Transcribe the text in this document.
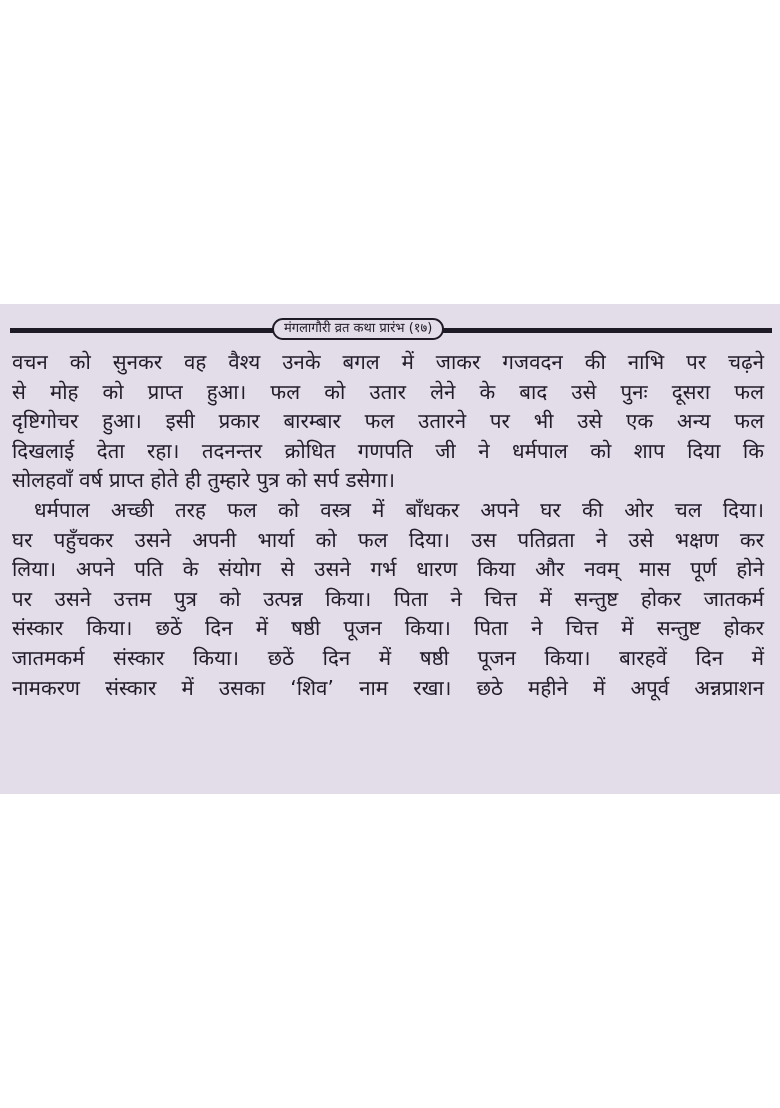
मंगलागौरी व्रत कथा प्रारंभ (१७)
वचन को सुनकर वह वैश्य उनके बगल में जाकर गजवदन की नाभि पर चढ़ने
से मोह को प्राप्त हुआ। फल को उतार लेने के बाद उसे पुनः दूसरा फल
दृष्टिगोचर हुआ। इसी प्रकार बारम्बार फल उतारने पर भी उसे एक अन्य फल
दिखलाई देता रहा। तदनन्तर क्रोधित गणपति जी ने धर्मपाल को शाप दिया कि
सोलहवाँ वर्ष प्राप्त होते ही तुम्हारे पुत्र को सर्प डसेगा।
धर्मपाल अच्छी तरह फल को वस्त्र में बाँधकर अपने घर की ओर चल दिया।
घर पहुँचकर उसने अपनी भार्या को फल दिया। उस पतिव्रता ने उसे भक्षण कर
लिया। अपने पति के संयोग से उसने गर्भ धारण किया और नवम् मास पूर्ण होने
पर उसने उत्तम पुत्र को उत्पन्न किया। पिता ने चित्त में सन्तुष्ट होकर जातकर्म
संस्कार किया। छठें दिन में षष्ठी पूजन किया। पिता ने चित्त में सन्तुष्ट होकर
जातमकर्म संस्कार किया। छठें दिन में षष्ठी पूजन किया। बारहवें दिन में
नामकरण संस्कार में उसका ‘शिव’ नाम रखा। छठे महीने में अपूर्व अन्नप्राशन
